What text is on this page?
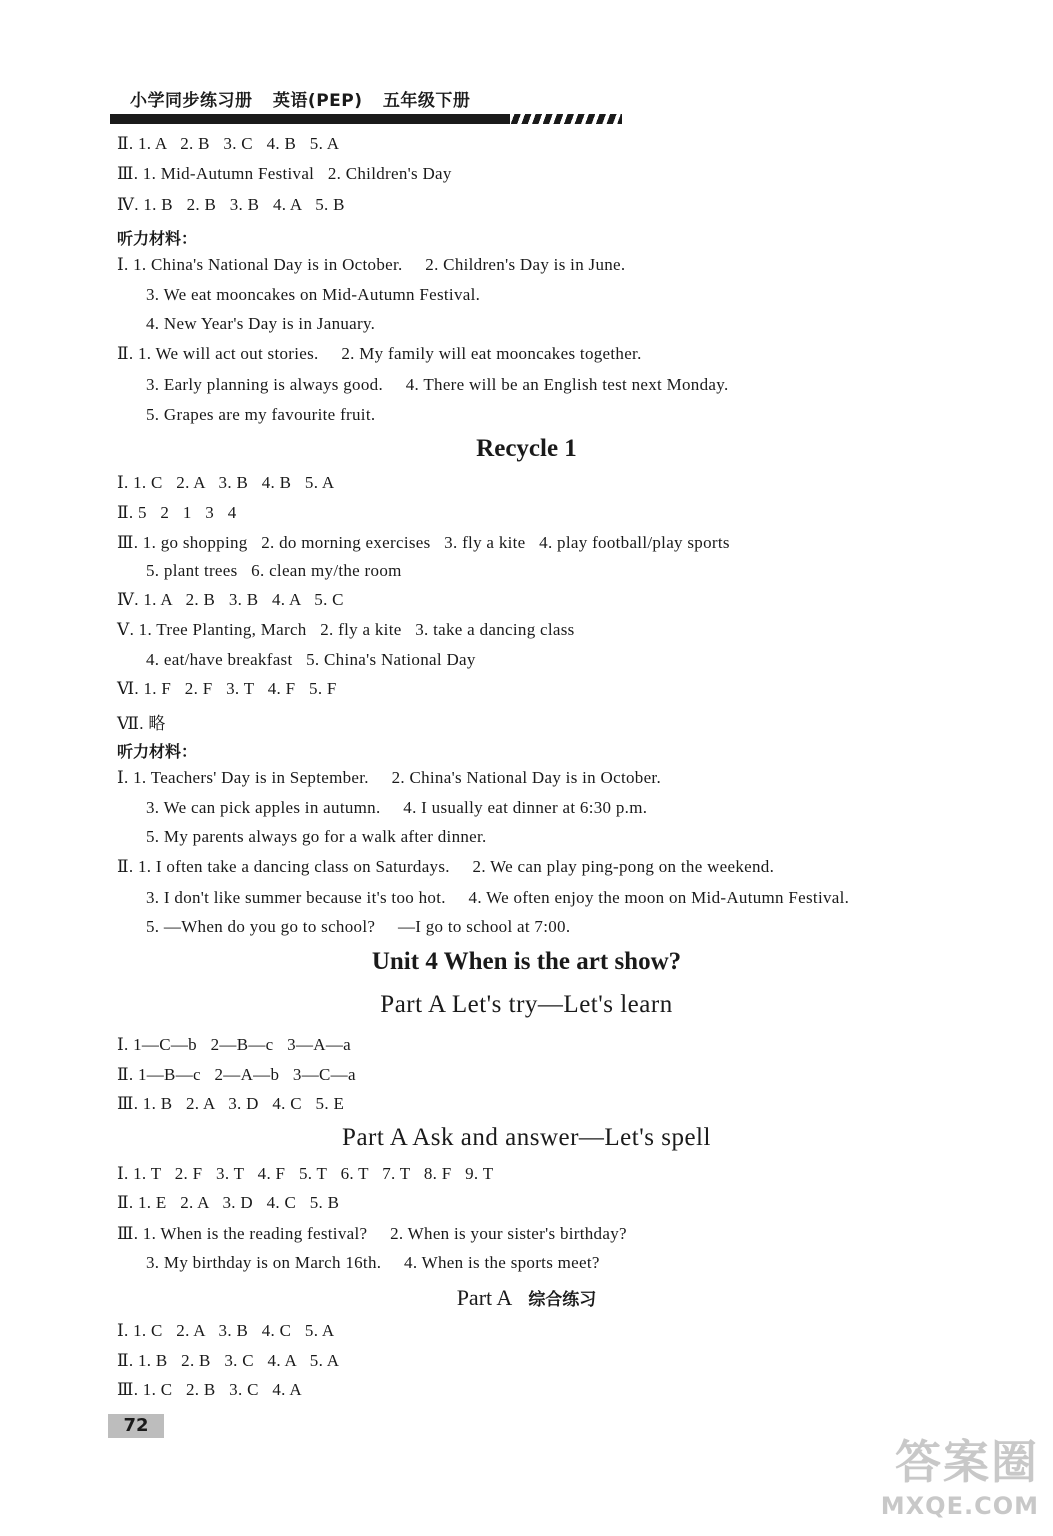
小学同步练习册 英语(PEP) 五年级下册
Ⅱ. 1. A   2. B   3. C   4. B   5. A
Ⅲ. 1. Mid-Autumn Festival   2. Children's Day
Ⅳ. 1. B   2. B   3. B   4. A   5. B
听力材料：
Ⅰ. 1. China's National Day is in October.     2. Children's Day is in June.
3. We eat mooncakes on Mid-Autumn Festival.
4. New Year's Day is in January.
Ⅱ. 1. We will act out stories.     2. My family will eat mooncakes together.
3. Early planning is always good.     4. There will be an English test next Monday.
5. Grapes are my favourite fruit.
Recycle 1
Ⅰ. 1. C   2. A   3. B   4. B   5. A
Ⅱ. 5   2   1   3   4
Ⅲ. 1. go shopping   2. do morning exercises   3. fly a kite   4. play football/play sports
5. plant trees   6. clean my/the room
Ⅳ. 1. A   2. B   3. B   4. A   5. C
Ⅴ. 1. Tree Planting, March   2. fly a kite   3. take a dancing class
4. eat/have breakfast   5. China's National Day
Ⅵ. 1. F   2. F   3. T   4. F   5. F
Ⅶ. 略
听力材料：
Ⅰ. 1. Teachers' Day is in September.     2. China's National Day is in October.
3. We can pick apples in autumn.     4. I usually eat dinner at 6:30 p.m.
5. My parents always go for a walk after dinner.
Ⅱ. 1. I often take a dancing class on Saturdays.     2. We can play ping-pong on the weekend.
3. I don't like summer because it's too hot.     4. We often enjoy the moon on Mid-Autumn Festival.
5. —When do you go to school?     —I go to school at 7:00.
Unit 4 When is the art show?
Part A Let's try—Let's learn
Ⅰ. 1—C—b   2—B—c   3—A—a
Ⅱ. 1—B—c   2—A—b   3—C—a
Ⅲ. 1. B   2. A   3. D   4. C   5. E
Part A Ask and answer—Let's spell
Ⅰ. 1. T   2. F   3. T   4. F   5. T   6. T   7. T   8. F   9. T
Ⅱ. 1. E   2. A   3. D   4. C   5. B
Ⅲ. 1. When is the reading festival?     2. When is your sister's birthday?
3. My birthday is on March 16th.     4. When is the sports meet?
Part A 综合练习
Ⅰ. 1. C   2. A   3. B   4. C   5. A
Ⅱ. 1. B   2. B   3. C   4. A   5. A
Ⅲ. 1. C   2. B   3. C   4. A
72
答案圈
MXQE.COM
